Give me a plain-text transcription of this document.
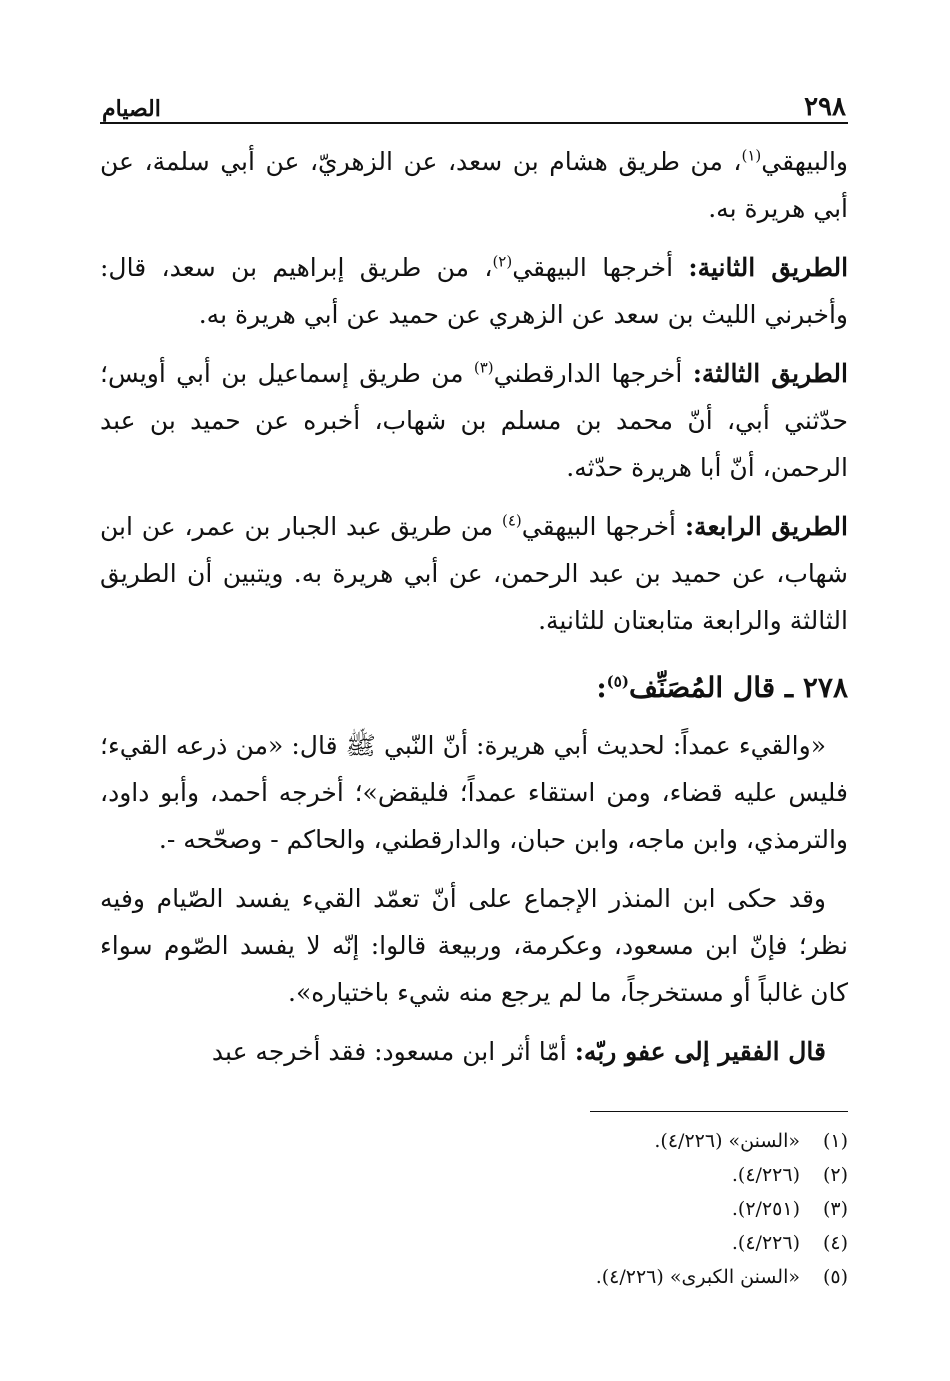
٢٩٨
الصيام

والبيهقي$^{(١)}$، من طريق هشام بن سعد، عن الزهريّ، عن أبي سلمة، عن أبي هريرة به.

الطريق الثانية: أخرجها البيهقي$^{(٢)}$، من طريق إبراهيم بن سعد، قال: وأخبرني الليث بن سعد عن الزهري عن حميد عن أبي هريرة به.

الطريق الثالثة: أخرجها الدارقطني$^{(٣)}$ من طريق إسماعيل بن أبي أويس؛ حدّثني أبي، أنّ محمد بن مسلم بن شهاب، أخبره عن حميد بن عبد الرحمن، أنّ أبا هريرة حدّثه.

الطريق الرابعة: أخرجها البيهقي$^{(٤)}$ من طريق عبد الجبار بن عمر، عن ابن شهاب، عن حميد بن عبد الرحمن، عن أبي هريرة به. ويتبين أن الطريق الثالثة والرابعة متابعتان للثانية.

٢٧٨ ـ قال المُصَنِّف$^{(٥)}$:

«والقيء عمداً: لحديث أبي هريرة: أنّ النّبي ﷺ قال: «من ذرعه القيء؛ فليس عليه قضاء، ومن استقاء عمداً؛ فليقض»؛ أخرجه أحمد، وأبو داود، والترمذي، وابن ماجه، وابن حبان، والدارقطني، والحاكم - وصحّحه -.

وقد حكى ابن المنذر الإجماع على أنّ تعمّد القيء يفسد الصّيام وفيه نظر؛ فإنّ ابن مسعود، وعكرمة، وربيعة قالوا: إنّه لا يفسد الصّوم سواء كان غالباً أو مستخرجاً، ما لم يرجع منه شيء باختياره».

قال الفقير إلى عفو ربّه: أمّا أثر ابن مسعود: فقد أخرجه عبد

(١)
«السنن» (٤/٢٢٦).
(٢)
(٤/٢٢٦).
(٣)
(٢/٢٥١).
(٤)
(٤/٢٢٦).
(٥)
«السنن الكبرى» (٤/٢٢٦).
